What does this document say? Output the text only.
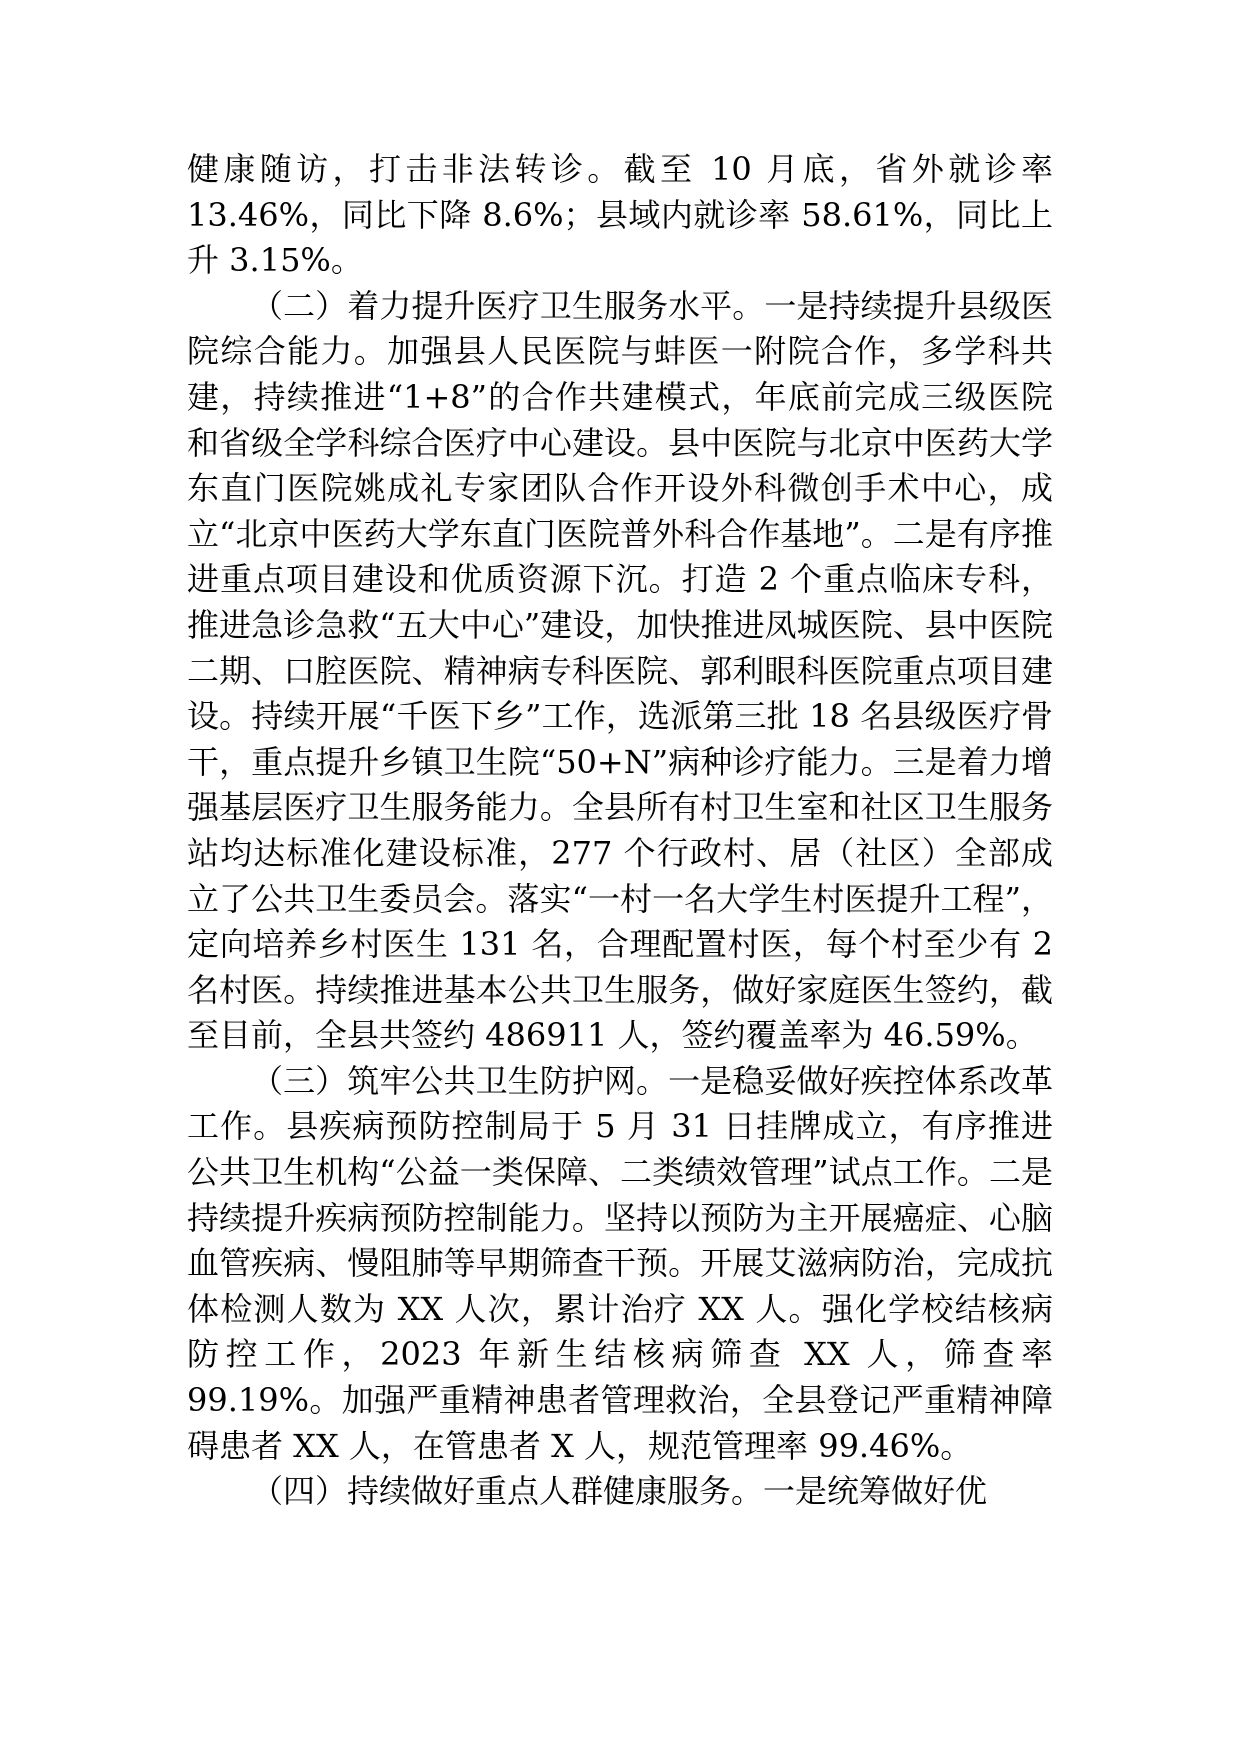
健康随访，打击非法转诊。截至 10 月底，省外就诊率 13.46%，同比下降 8.6%；县域内就诊率 58.61%，同比上升 3.15%。

（二）着力提升医疗卫生服务水平。一是持续提升县级医院综合能力。加强县人民医院与蚌医一附院合作，多学科共建，持续推进“1+8”的合作共建模式，年底前完成三级医院和省级全学科综合医疗中心建设。县中医院与北京中医药大学东直门医院姚成礼专家团队合作开设外科微创手术中心，成立“北京中医药大学东直门医院普外科合作基地”。二是有序推进重点项目建设和优质资源下沉。打造 2 个重点临床专科，推进急诊急救“五大中心”建设，加快推进凤城医院、县中医院二期、口腔医院、精神病专科医院、郭利眼科医院重点项目建设。持续开展“千医下乡”工作，选派第三批 18 名县级医疗骨干，重点提升乡镇卫生院“50+N”病种诊疗能力。三是着力增强基层医疗卫生服务能力。全县所有村卫生室和社区卫生服务站均达标准化建设标准，277 个行政村、居（社区）全部成立了公共卫生委员会。落实“一村一名大学生村医提升工程”，定向培养乡村医生 131 名，合理配置村医，每个村至少有 2 名村医。持续推进基本公共卫生服务，做好家庭医生签约，截至目前，全县共签约 486911 人，签约覆盖率为 46.59%。

（三）筑牢公共卫生防护网。一是稳妥做好疾控体系改革工作。县疾病预防控制局于 5 月 31 日挂牌成立，有序推进公共卫生机构“公益一类保障、二类绩效管理”试点工作。二是持续提升疾病预防控制能力。坚持以预防为主开展癌症、心脑血管疾病、慢阻肺等早期筛查干预。开展艾滋病防治，完成抗体检测人数为 XX 人次，累计治疗 XX 人。强化学校结核病防控工作，2023 年新生结核病筛查 XX 人，筛查率 99.19%。加强严重精神患者管理救治，全县登记严重精神障碍患者 XX 人，在管患者 X 人，规范管理率 99.46%。

（四）持续做好重点人群健康服务。一是统筹做好优
